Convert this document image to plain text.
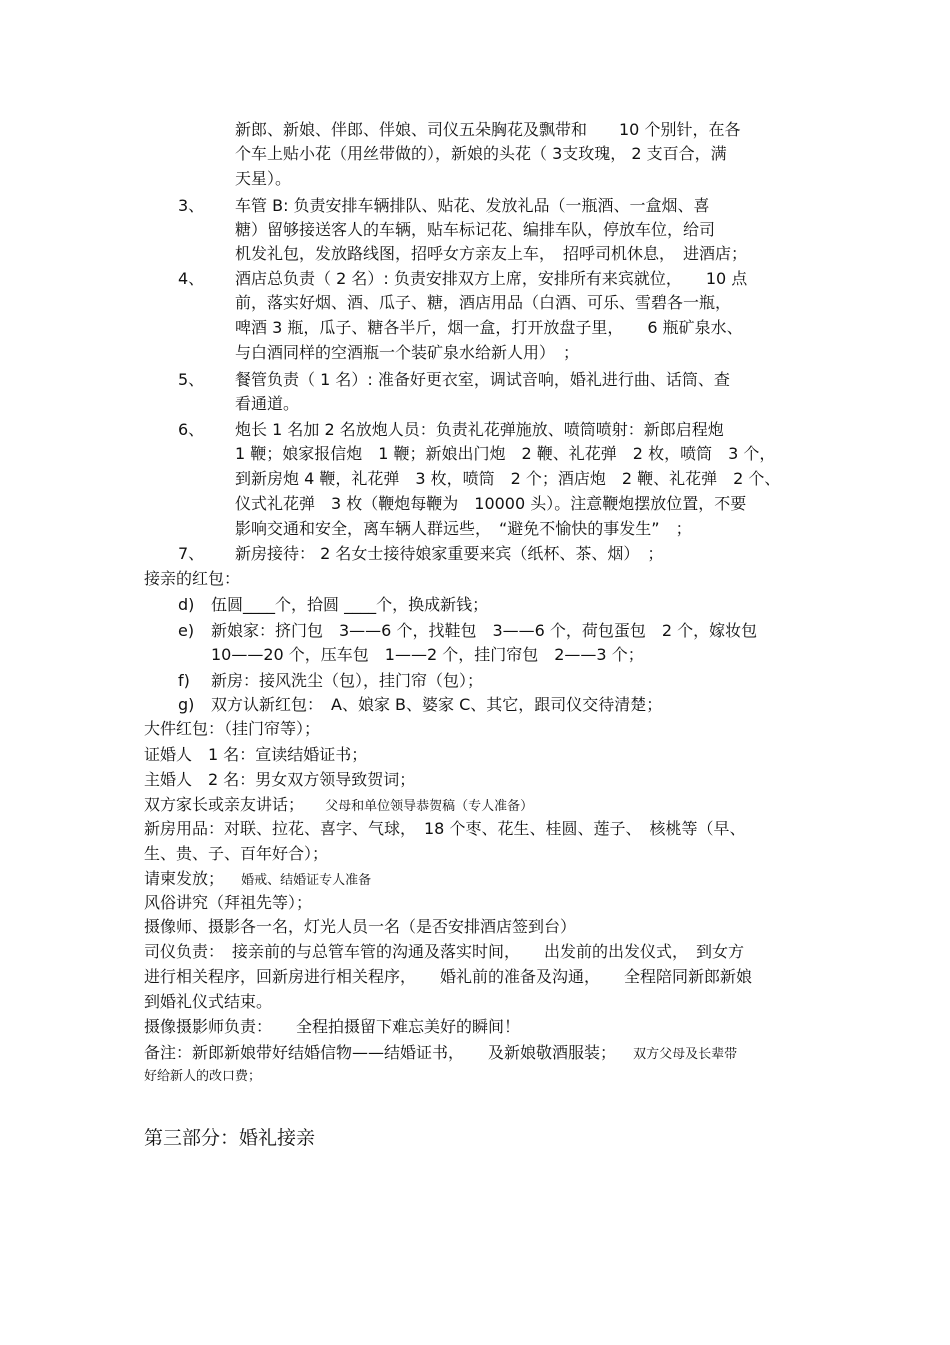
新郎、新娘、伴郎、伴娘、司仪五朵胸花及飘带和　　10 个别针，在各
个车上贴小花（用丝带做的），新娘的头花（ 3支玫瑰， 2 支百合，满
天星）。
3、 车管 B: 负责安排车辆排队、贴花、发放礼品（一瓶酒、一盒烟、喜
糖）留够接送客人的车辆，贴车标记花、编排车队，停放车位，给司
机发礼包，发放路线图，招呼女方亲友上车，　招呼司机休息，　进酒店；
4、 酒店总负责（ 2 名）: 负责安排双方上席，安排所有来宾就位，　　10 点
前，落实好烟、酒、瓜子、糖，酒店用品（白酒、可乐、雪碧各一瓶，
啤酒 3 瓶，瓜子、糖各半斤，烟一盒，打开放盘子里，　　6 瓶矿泉水、
与白酒同样的空酒瓶一个装矿泉水给新人用）　；
5、 餐管负责（ 1 名）: 准备好更衣室，调试音响，婚礼进行曲、话筒、查
看通道。
6、 炮长 1 名加 2 名放炮人员：负责礼花弹施放、喷筒喷射：新郎启程炮
1 鞭；娘家报信炮　1 鞭；新娘出门炮　2 鞭、礼花弹　2 枚，喷筒　3 个，
到新房炮 4 鞭，礼花弹　3 枚，喷筒　2 个；酒店炮　2 鞭、礼花弹　2 个、
仪式礼花弹　3 枚（鞭炮每鞭为　10000 头）。注意鞭炮摆放位置，不要
影响交通和安全，离车辆人群远些，　“避免不愉快的事发生”　；
7、 新房接待： 2 名女士接待娘家重要来宾（纸杯、茶、烟）　；
接亲的红包：
d) 伍圆____个，拾圆 ____个，换成新钱；
e) 新娘家：挤门包　3——6 个，找鞋包　3——6 个，荷包蛋包　2 个，嫁妆包
10——20 个，压车包　1——2 个，挂门帘包　2——3 个；
f) 新房：接风洗尘（包），挂门帘（包）；
g) 双方认新红包：　A、娘家 B、婆家 C、其它，跟司仪交待清楚；
大件红包：（挂门帘等）；
证婚人　1 名：宣读结婚证书；
主婚人　2 名：男女双方领导致贺词；
双方家长或亲友讲话； 父母和单位领导恭贺稿（专人准备）
新房用品：对联、拉花、喜字、气球，　18 个枣、花生、桂圆、莲子、　核桃等（早、
生、贵、子、百年好合）；
请柬发放； 婚戒、结婚证专人准备
风俗讲究（拜祖先等）；
摄像师、摄影各一名，灯光人员一名（是否安排酒店签到台）
司仪负责：　接亲前的与总管车管的沟通及落实时间，　　出发前的出发仪式，　到女方
进行相关程序，回新房进行相关程序，　　婚礼前的准备及沟通，　　全程陪同新郎新娘
到婚礼仪式结束。
摄像摄影师负责：　　全程拍摄留下难忘美好的瞬间！
备注：新郎新娘带好结婚信物——结婚证书，　　及新娘敬酒服装； 双方父母及长辈带
好给新人的改口费；
第三部分：婚礼接亲
